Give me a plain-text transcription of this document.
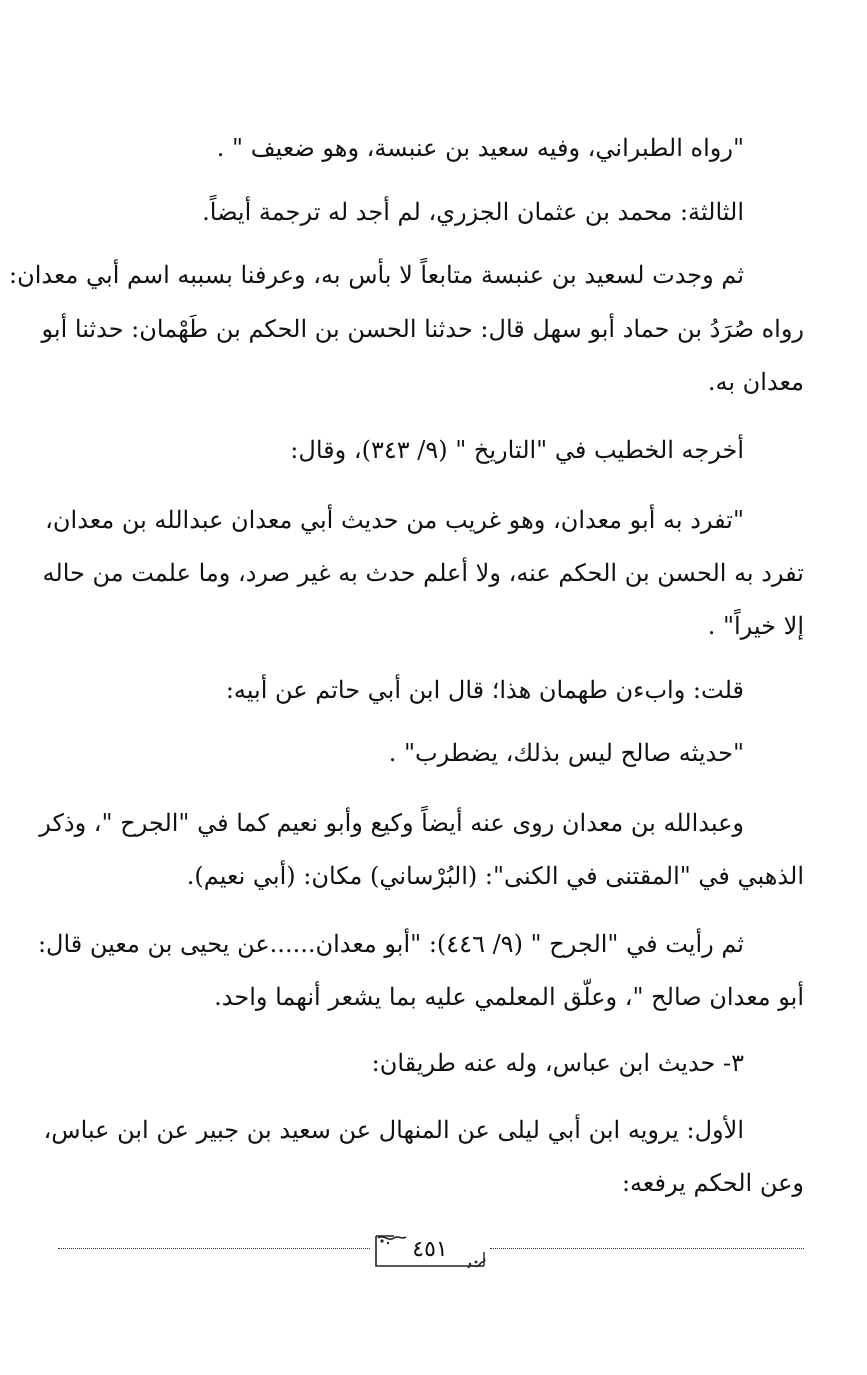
"رواه الطبراني، وفيه سعيد بن عنبسة، وهو ضعيف " .
الثالثة: محمد بن عثمان الجزري، لم أجد له ترجمة أيضاً.
ثم وجدت لسعيد بن عنبسة متابعاً لا بأس به، وعرفنا بسببه اسم أبي معدان:
رواه صُرَدُ بن حماد أبو سهل قال: حدثنا الحسن بن الحكم بن طَهْمان: حدثنا أبو
معدان به.
أخرجه الخطيب في "التاريخ " (٩/ ٣٤٣)، وقال:
"تفرد به أبو معدان، وهو غريب من حديث أبي معدان عبدالله بن معدان،
تفرد به الحسن بن الحكم عنه، ولا أعلم حدث به غير صرد، وما علمت من حاله
إلا خيراً" .
قلت: وابءن طهمان هذا؛ قال ابن أبي حاتم عن أبيه:
"حديثه صالح ليس بذلك، يضطرب" .
وعبدالله بن معدان روى عنه أيضاً وكيع وأبو نعيم كما في "الجرح "، وذكر
الذهبي في "المقتنى في الكنى": (البُرْساني) مكان: (أبي نعيم).
ثم رأيت في "الجرح " (٩/ ٤٤٦): "أبو معدان......عن يحيى بن معين قال:
أبو معدان صالح "، وعلّق المعلمي عليه بما يشعر أنهما واحد.
٣- حديث ابن عباس، وله عنه طريقان:
الأول: يرويه ابن أبي ليلى عن المنهال عن سعيد بن جبير عن ابن عباس،
وعن الحكم يرفعه:
٤٥١
